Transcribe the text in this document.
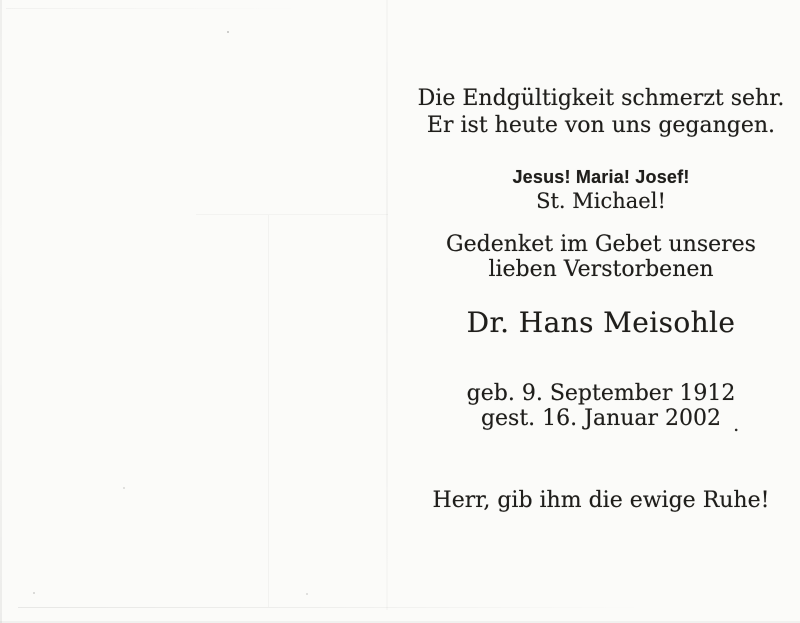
Die Endgültigkeit schmerzt sehr.
Er ist heute von uns gegangen.
Jesus! Maria! Josef!
St. Michael!
Gedenket im Gebet unseres
lieben Verstorbenen
Dr. Hans Meisohle
geb. 9. September 1912
gest. 16. Januar 2002 .
Herr, gib ihm die ewige Ruhe!
